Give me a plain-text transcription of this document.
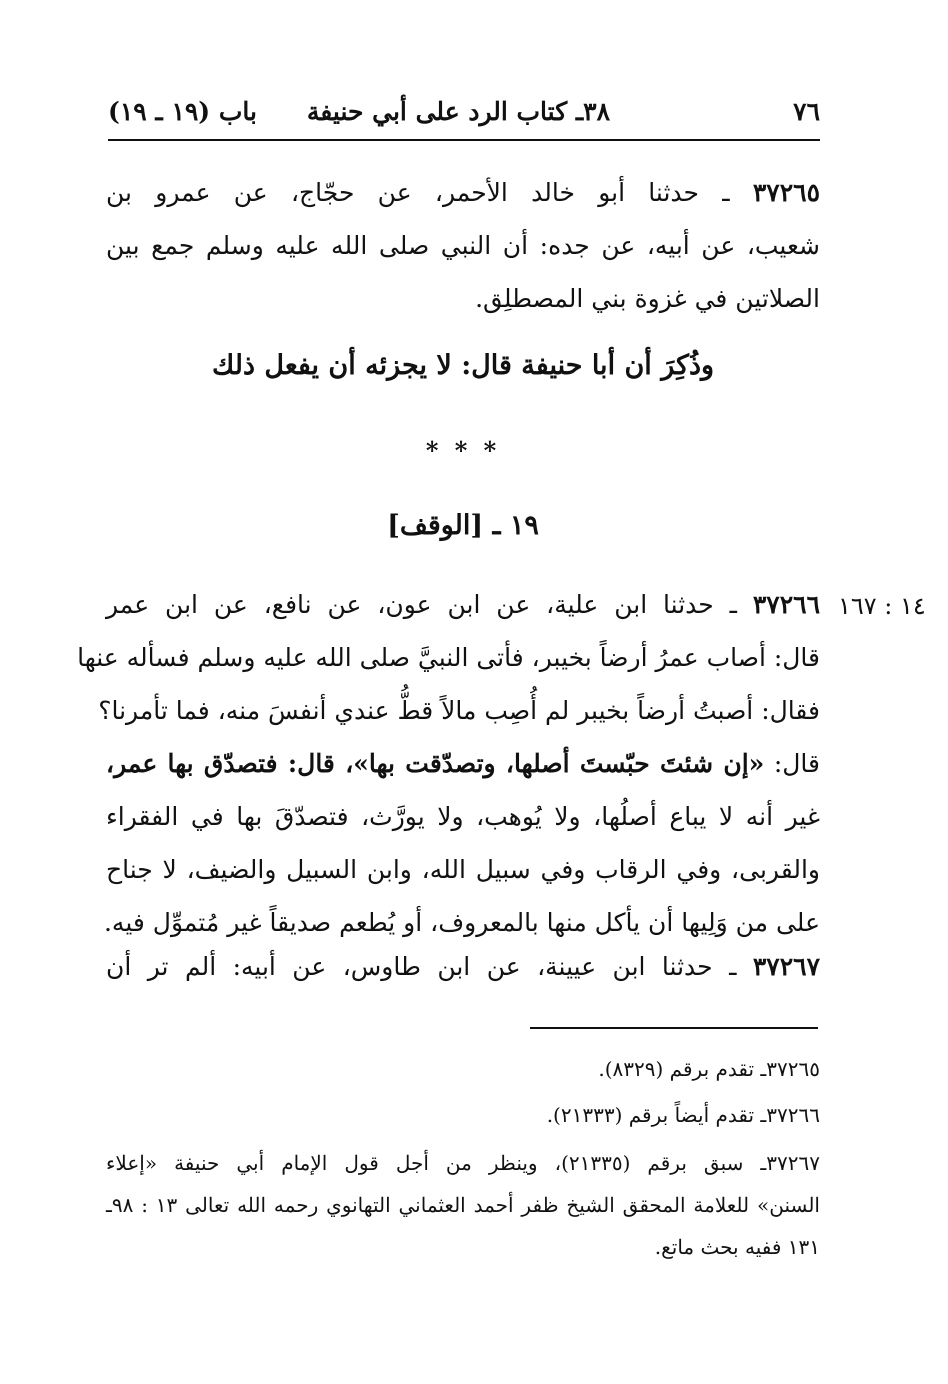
٧٦
٣٨ـ كتاب الرد على أبي حنيفة
باب (١٩ ـ ١٩)
٣٧٢٦٥ ـ حدثنا أبو خالد الأحمر، عن حجّاج، عن عمرو بن
شعيب، عن أبيه، عن جده: أن النبي صلى الله عليه وسلم جمع بين
الصلاتين في غزوة بني المصطلِق.
وذُكِرَ أن أبا حنيفة قال: لا يجزئه أن يفعل ذلك
* * *
١٩ ـ [الوقف]
١٤ : ١٦٧
٣٧٢٦٦ ـ حدثنا ابن علية، عن ابن عون، عن نافع، عن ابن عمر
قال: أصاب عمرُ أرضاً بخيبر، فأتى النبيَّ صلى الله عليه وسلم فسأله عنها
فقال: أصبتُ أرضاً بخيبر لم أُصِب مالاً قطُّ عندي أنفسَ منه، فما تأمرنا؟
قال: «إن شئتَ حبّستَ أصلها، وتصدّقت بها»، قال: فتصدّق بها عمر،
غير أنه لا يباع أصلُها، ولا يُوهب، ولا يورَّث، فتصدّقَ بها في الفقراء
والقربى، وفي الرقاب وفي سبيل الله، وابن السبيل والضيف، لا جناح
على من وَلِيها أن يأكل منها بالمعروف، أو يُطعم صديقاً غير مُتموِّل فيه.
٣٧٢٦٧ ـ حدثنا ابن عيينة، عن ابن طاوس، عن أبيه: ألم تر أن
٣٧٢٦٥ـ تقدم برقم (٨٣٢٩).
٣٧٢٦٦ـ تقدم أيضاً برقم (٢١٣٣٣).
٣٧٢٦٧ـ سبق برقم (٢١٣٣٥)، وينظر من أجل قول الإمام أبي حنيفة «إعلاء
السنن» للعلامة المحقق الشيخ ظفر أحمد العثماني التهانوي رحمه الله تعالى ١٣ : ٩٨ـ
١٣١ ففيه بحث ماتع.
